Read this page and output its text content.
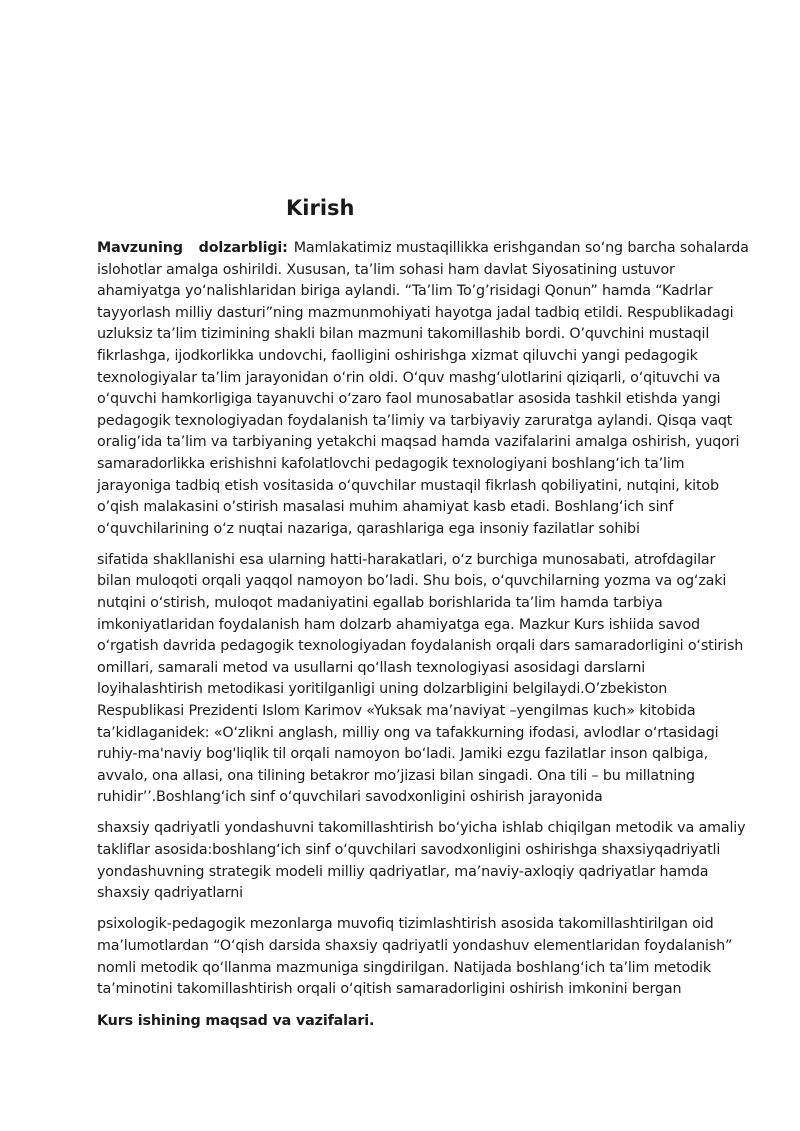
Kirish

Mavzuning dolzarbligi: Mamlakatimiz mustaqillikka erishgandan so‘ng barcha sohalarda
islohotlar amalga oshirildi. Xususan, ta’lim sohasi ham davlat Siyosatining ustuvor
ahamiyatga yo‘nalishlaridan biriga aylandi. “Ta’lim To’g’risidagi Qonun” hamda “Kadrlar
tayyorlash milliy dasturi”ning mazmunmohiyati hayotga jadal tadbiq etildi. Respublikadagi
uzluksiz ta’lim tizimining shakli bilan mazmuni takomillashib bordi. O’quvchini mustaqil
fikrlashga, ijodkorlikka undovchi, faolligini oshirishga xizmat qiluvchi yangi pedagogik
texnologiyalar ta’lim jarayonidan o‘rin oldi. O‘quv mashg‘ulotlarini qiziqarli, o‘qituvchi va
o‘quvchi hamkorligiga tayanuvchi o‘zaro faol munosabatlar asosida tashkil etishda yangi
pedagogik texnologiyadan foydalanish ta’limiy va tarbiyaviy zaruratga aylandi. Qisqa vaqt
oralig’ida ta’lim va tarbiyaning yetakchi maqsad hamda vazifalarini amalga oshirish, yuqori
samaradorlikka erishishni kafolatlovchi pedagogik texnologiyani boshlang‘ich ta’lim
jarayoniga tadbiq etish vositasida o‘quvchilar mustaqil fikrlash qobiliyatini, nutqini, kitob
o’qish malakasini o’stirish masalasi muhim ahamiyat kasb etadi. Boshlang‘ich sinf
o‘quvchilarining o‘z nuqtai nazariga, qarashlariga ega insoniy fazilatlar sohibi

sifatida shakllanishi esa ularning hatti-harakatlari, o‘z burchiga munosabati, atrofdagilar
bilan muloqoti orqali yaqqol namoyon bo’ladi. Shu bois, o‘quvchilarning yozma va og‘zaki
nutqini o‘stirish, muloqot madaniyatini egallab borishlarida ta’lim hamda tarbiya
imkoniyatlaridan foydalanish ham dolzarb ahamiyatga ega. Mazkur Kurs ishiida savod
o‘rgatish davrida pedagogik texnologiyadan foydalanish orqali dars samaradorligini o‘stirish
omillari, samarali metod va usullarni qo‘llash texnologiyasi asosidagi darslarni
loyihalashtirish metodikasi yoritilganligi uning dolzarbligini belgilaydi.O’zbekiston
Respublikasi Prezidenti Islom Karimov «Yuksak ma’naviyat –yengilmas kuch» kitobida
ta’kidlaganidek: «O‘zlikni anglash, milliy ong va tafakkurning ifodasi, avlodlar o‘rtasidagi
ruhiy-ma'naviy bog'liqlik til orqali namoyon bo‘ladi. Jamiki ezgu fazilatlar inson qalbiga,
avvalo, ona allasi, ona tilining betakror mo’jizasi bilan singadi. Ona tili – bu millatning
ruhidir’’.Boshlang‘ich sinf o‘quvchilari savodxonligini oshirish jarayonida

shaxsiy qadriyatli yondashuvni takomillashtirish bo‘yicha ishlab chiqilgan metodik va amaliy
takliflar asosida:boshlang‘ich sinf o‘quvchilari savodxonligini oshirishga shaxsiyqadriyatli
yondashuvning strategik modeli milliy qadriyatlar, ma’naviy-axloqiy qadriyatlar hamda
shaxsiy qadriyatlarni

psixologik-pedagogik mezonlarga muvofiq tizimlashtirish asosida takomillashtirilgan oid
ma’lumotlardan “O‘qish darsida shaxsiy qadriyatli yondashuv elementlaridan foydalanish”
nomli metodik qo‘llanma mazmuniga singdirilgan. Natijada boshlang‘ich ta’lim metodik
ta’minotini takomillashtirish orqali o‘qitish samaradorligini oshirish imkonini bergan

Kurs ishining maqsad va vazifalari.
